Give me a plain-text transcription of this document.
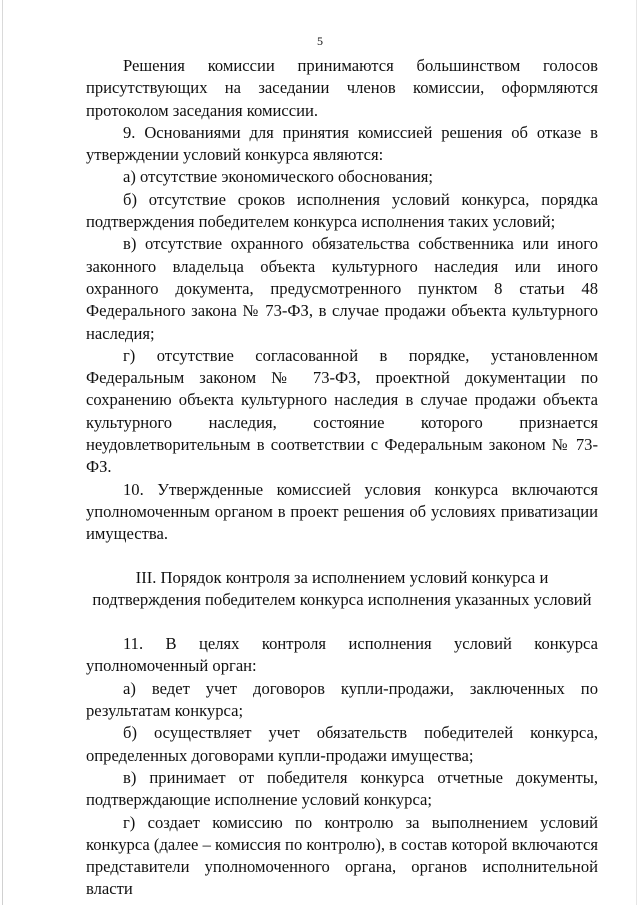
5

Решения комиссии принимаются большинством голосов присутствующих на заседании членов комиссии, оформляются протоколом заседания комиссии.

9. Основаниями для принятия комиссией решения об отказе в утверждении условий конкурса являются:

а) отсутствие экономического обоснования;

б) отсутствие сроков исполнения условий конкурса, порядка подтверждения победителем конкурса исполнения таких условий;

в) отсутствие охранного обязательства собственника или иного законного владельца объекта культурного наследия или иного охранного документа, предусмотренного пунктом 8 статьи 48 Федерального закона № 73-ФЗ, в случае продажи объекта культурного наследия;

г) отсутствие согласованной в порядке, установленном Федеральным законом № 73-ФЗ, проектной документации по сохранению объекта культурного наследия в случае продажи объекта культурного наследия, состояние которого признается неудовлетворительным в соответствии с Федеральным законом № 73-ФЗ.

10. Утвержденные комиссией условия конкурса включаются уполномоченным органом в проект решения об условиях приватизации имущества.

III. Порядок контроля за исполнением условий конкурса и

подтверждения победителем конкурса исполнения указанных условий

11. В целях контроля исполнения условий конкурса уполномоченный орган:

а) ведет учет договоров купли-продажи, заключенных по результатам конкурса;

б) осуществляет учет обязательств победителей конкурса, определенных договорами купли-продажи имущества;

в) принимает от победителя конкурса отчетные документы, подтверждающие исполнение условий конкурса;

г) создает комиссию по контролю за выполнением условий конкурса (далее – комиссия по контролю), в состав которой включаются представители уполномоченного органа, органов исполнительной власти
